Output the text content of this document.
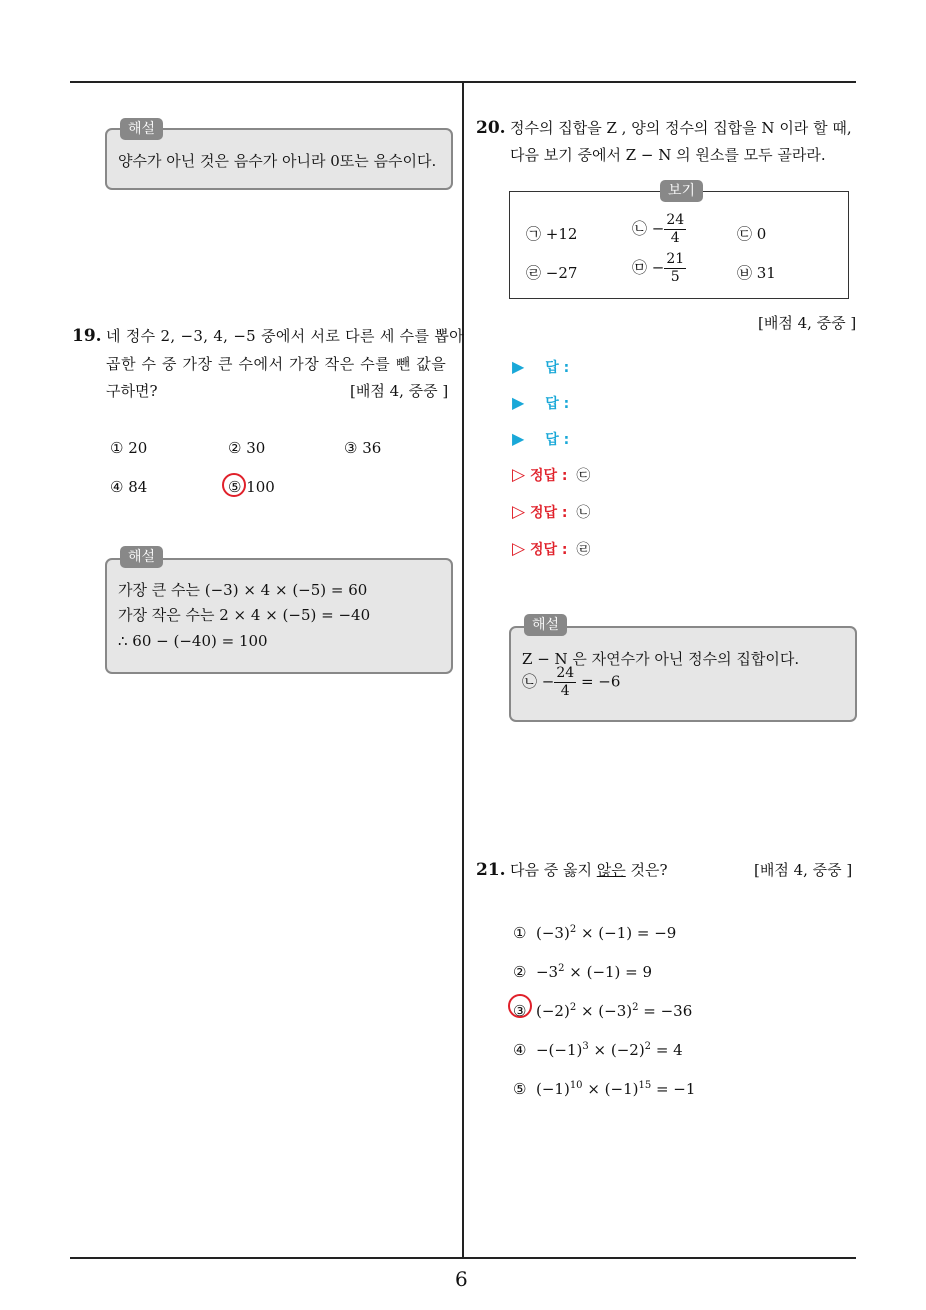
6
해설
양수가 아닌 것은 음수가 아니라 0또는 음수이다.
19. 네 정수 2, −3, 4, −5 중에서 서로 다른 세 수를 뽑아
곱한 수 중 가장 큰 수에서 가장 작은 수를 뺀 값을
구하면?	[배점 4, 중중 ]
① 20	② 30	③ 36
④ 84	⑤ 100
해설
가장 큰 수는 (−3) × 4 × (−5) = 60
가장 작은 수는 2 × 4 × (−5) = −40
∴ 60 − (−40) = 100
20. 정수의 집합을 Z , 양의 정수의 집합을 N 이라 할 때,
다음 보기 중에서 Z − N 의 원소를 모두 골라라.
보기
㉠ +12	㉡ − $\frac{24}{4}$	㉢ 0
㉣ −27	㉤ − $\frac{21}{5}$	㉥ 31
[배점 4, 중중 ]
▶ 답 :
▶ 답 :
▶ 답 :
▷ 정답 : ㉢
▷ 정답 : ㉡
▷ 정답 : ㉣
해설
Z − N 은 자연수가 아닌 정수의 집합이다.
㉡ − $\frac{24}{4} = -6$
21. 다음 중 옳지 않은 것은?	[배점 4, 중중 ]
①  $(-3)^2 \times (-1) = -9$
②  $-3^2 \times (-1) = 9$
③  $(-2)^2 \times (-3)^2 = -36$
④  $-(-1)^3 \times (-2)^2 = 4$
⑤  $(-1)^{10} \times (-1)^{15} = -1$
